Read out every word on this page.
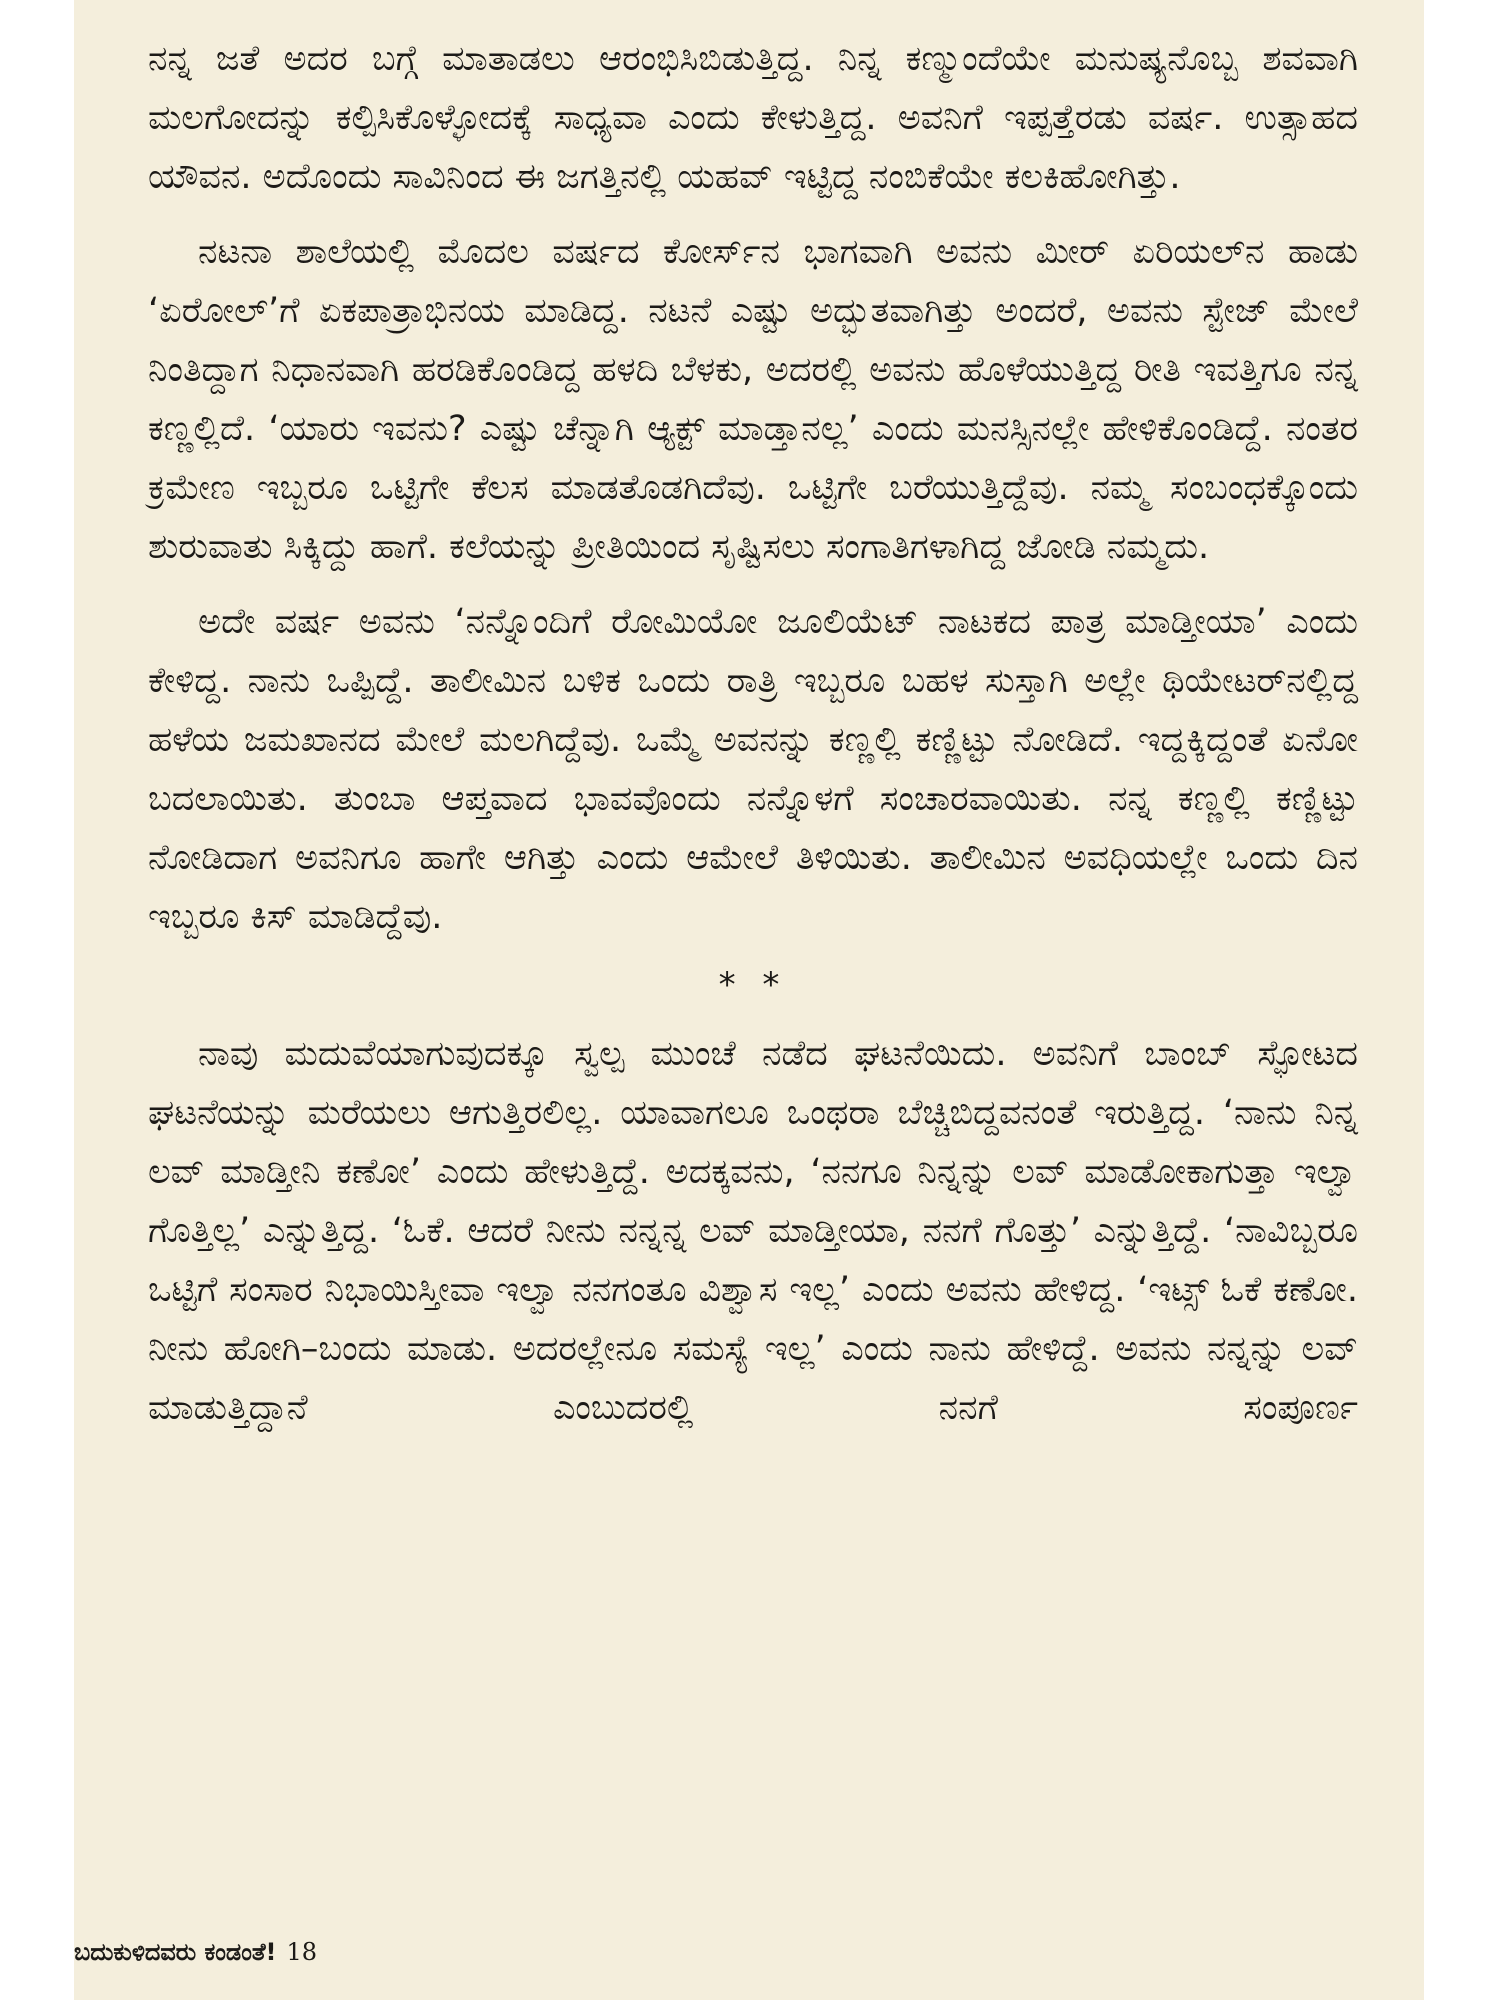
ನನ್ನ ಜತೆ ಅದರ ಬಗ್ಗೆ ಮಾತಾಡಲು ಆರಂಭಿಸಿಬಿಡುತ್ತಿದ್ದ. ನಿನ್ನ ಕಣ್ಮುಂದೆಯೇ ಮನುಷ್ಯನೊಬ್ಬ ಶವವಾಗಿ ಮಲಗೋದನ್ನು ಕಲ್ಪಿಸಿಕೊಳ್ಳೋದಕ್ಕೆ ಸಾಧ್ಯವಾ ಎಂದು ಕೇಳುತ್ತಿದ್ದ. ಅವನಿಗೆ ಇಪ್ಪತ್ತೆರಡು ವರ್ಷ. ಉತ್ಸಾಹದ ಯೌವನ. ಅದೊಂದು ಸಾವಿನಿಂದ ಈ ಜಗತ್ತಿನಲ್ಲಿ ಯಹವ್ ಇಟ್ಟಿದ್ದ ನಂಬಿಕೆಯೇ ಕಲಕಿಹೋಗಿತ್ತು.

ನಟನಾ ಶಾಲೆಯಲ್ಲಿ ಮೊದಲ ವರ್ಷದ ಕೋರ್ಸ್‌ನ ಭಾಗವಾಗಿ ಅವನು ಮೀರ್ ಏರಿಯಲ್‌ನ ಹಾಡು ‘ಏರೋಲ್’ಗೆ ಏಕಪಾತ್ರಾಭಿನಯ ಮಾಡಿದ್ದ. ನಟನೆ ಎಷ್ಟು ಅದ್ಭುತವಾಗಿತ್ತು ಅಂದರೆ, ಅವನು ಸ್ಟೇಜ್ ಮೇಲೆ ನಿಂತಿದ್ದಾಗ ನಿಧಾನವಾಗಿ ಹರಡಿಕೊಂಡಿದ್ದ ಹಳದಿ ಬೆಳಕು, ಅದರಲ್ಲಿ ಅವನು ಹೊಳೆಯುತ್ತಿದ್ದ ರೀತಿ ಇವತ್ತಿಗೂ ನನ್ನ ಕಣ್ಣಲ್ಲಿದೆ. ‘ಯಾರು ಇವನು? ಎಷ್ಟು ಚೆನ್ನಾಗಿ ಆ್ಯಕ್ಟ್ ಮಾಡ್ತಾನಲ್ಲ’ ಎಂದು ಮನಸ್ಸಿನಲ್ಲೇ ಹೇಳಿಕೊಂಡಿದ್ದೆ. ನಂತರ ಕ್ರಮೇಣ ಇಬ್ಬರೂ ಒಟ್ಟಿಗೇ ಕೆಲಸ ಮಾಡತೊಡಗಿದೆವು. ಒಟ್ಟಿಗೇ ಬರೆಯುತ್ತಿದ್ದೆವು. ನಮ್ಮ ಸಂಬಂಧಕ್ಕೊಂದು ಶುರುವಾತು ಸಿಕ್ಕಿದ್ದು ಹಾಗೆ. ಕಲೆಯನ್ನು ಪ್ರೀತಿಯಿಂದ ಸೃಷ್ಟಿಸಲು ಸಂಗಾತಿಗಳಾಗಿದ್ದ ಜೋಡಿ ನಮ್ಮದು.

ಅದೇ ವರ್ಷ ಅವನು ‘ನನ್ನೊಂದಿಗೆ ರೋಮಿಯೋ ಜೂಲಿಯೆಟ್ ನಾಟಕದ ಪಾತ್ರ ಮಾಡ್ತೀಯಾ’ ಎಂದು ಕೇಳಿದ್ದ. ನಾನು ಒಪ್ಪಿದ್ದೆ. ತಾಲೀಮಿನ ಬಳಿಕ ಒಂದು ರಾತ್ರಿ ಇಬ್ಬರೂ ಬಹಳ ಸುಸ್ತಾಗಿ ಅಲ್ಲೇ ಥಿಯೇಟರ್‌ನಲ್ಲಿದ್ದ ಹಳೆಯ ಜಮಖಾನದ ಮೇಲೆ ಮಲಗಿದ್ದೆವು. ಒಮ್ಮೆ ಅವನನ್ನು ಕಣ್ಣಲ್ಲಿ ಕಣ್ಣಿಟ್ಟು ನೋಡಿದೆ. ಇದ್ದಕ್ಕಿದ್ದಂತೆ ಏನೋ ಬದಲಾಯಿತು. ತುಂಬಾ ಆಪ್ತವಾದ ಭಾವವೊಂದು ನನ್ನೊಳಗೆ ಸಂಚಾರವಾಯಿತು. ನನ್ನ ಕಣ್ಣಲ್ಲಿ ಕಣ್ಣಿಟ್ಟು ನೋಡಿದಾಗ ಅವನಿಗೂ ಹಾಗೇ ಆಗಿತ್ತು ಎಂದು ಆಮೇಲೆ ತಿಳಿಯಿತು. ತಾಲೀಮಿನ ಅವಧಿಯಲ್ಲೇ ಒಂದು ದಿನ ಇಬ್ಬರೂ ಕಿಸ್ ಮಾಡಿದ್ದೆವು.

* *

ನಾವು ಮದುವೆಯಾಗುವುದಕ್ಕೂ ಸ್ವಲ್ಪ ಮುಂಚೆ ನಡೆದ ಘಟನೆಯಿದು. ಅವನಿಗೆ ಬಾಂಬ್ ಸ್ಫೋಟದ ಘಟನೆಯನ್ನು ಮರೆಯಲು ಆಗುತ್ತಿರಲಿಲ್ಲ. ಯಾವಾಗಲೂ ಒಂಥರಾ ಬೆಚ್ಚಿಬಿದ್ದವನಂತೆ ಇರುತ್ತಿದ್ದ. ‘ನಾನು ನಿನ್ನ ಲವ್ ಮಾಡ್ತೀನಿ ಕಣೋ’ ಎಂದು ಹೇಳುತ್ತಿದ್ದೆ. ಅದಕ್ಕವನು, ‘ನನಗೂ ನಿನ್ನನ್ನು ಲವ್ ಮಾಡೋಕಾಗುತ್ತಾ ಇಲ್ವಾ ಗೊತ್ತಿಲ್ಲ’ ಎನ್ನುತ್ತಿದ್ದ. ‘ಓಕೆ. ಆದರೆ ನೀನು ನನ್ನನ್ನ ಲವ್ ಮಾಡ್ತೀಯಾ, ನನಗೆ ಗೊತ್ತು’ ಎನ್ನುತ್ತಿದ್ದೆ. ‘ನಾವಿಬ್ಬರೂ ಒಟ್ಟಿಗೆ ಸಂಸಾರ ನಿಭಾಯಿಸ್ತೀವಾ ಇಲ್ವಾ ನನಗಂತೂ ವಿಶ್ವಾಸ ಇಲ್ಲ’ ಎಂದು ಅವನು ಹೇಳಿದ್ದ. ‘ಇಟ್ಸ್ ಓಕೆ ಕಣೋ. ನೀನು ಹೋಗಿ–ಬಂದು ಮಾಡು. ಅದರಲ್ಲೇನೂ ಸಮಸ್ಯೆ ಇಲ್ಲ’ ಎಂದು ನಾನು ಹೇಳಿದ್ದೆ. ಅವನು ನನ್ನನ್ನು ಲವ್ ಮಾಡುತ್ತಿದ್ದಾನೆ ಎಂಬುದರಲ್ಲಿ ನನಗೆ ಸಂಪೂರ್ಣ

ಬದುಕುಳಿದವರು ಕಂಡಂತೆ! 18
